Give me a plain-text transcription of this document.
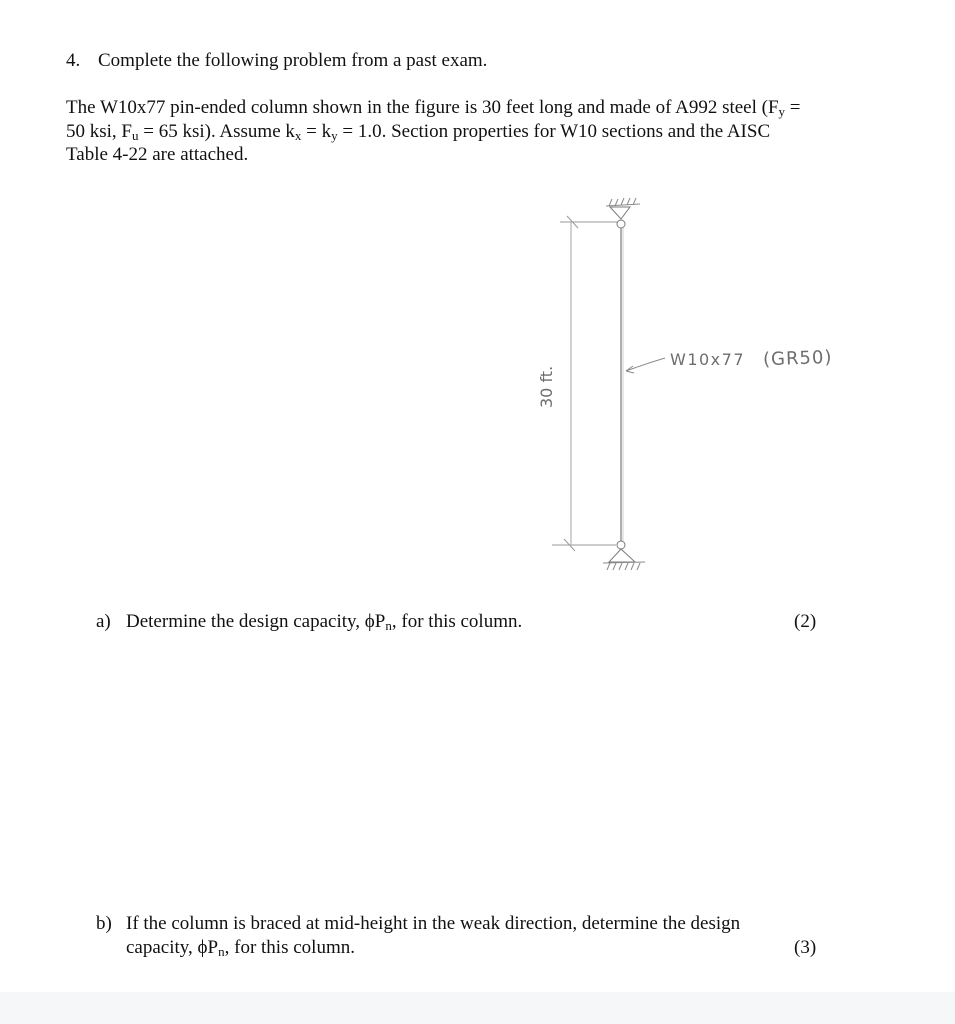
4. Complete the following problem from a past exam.
The W10x77 pin-ended column shown in the figure is 30 feet long and made of A992 steel ($F_y$ =
50 ksi, $F_u = 65$ ksi). Assume $k_x = k_y = 1.0$. Section properties for W10 sections and the AISC
Table 4-22 are attached.
30 ft.
W10x77 (GR50)
a) Determine the design capacity, $\phi P_n$, for this column.	(2)
b) If the column is braced at mid-height in the weak direction, determine the design
capacity, $\phi P_n$, for this column.	(3)
